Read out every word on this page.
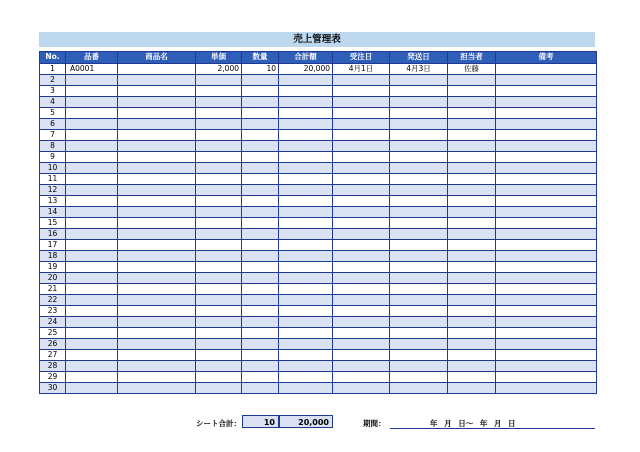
売上管理表
No.	品番	商品名	単価	数量	合計額	受注日	発送日	担当者	備考
1	A0001		2,000	10	20,000	4月1日	4月3日	佐藤	
2									
3									
4									
5									
6									
7									
8									
9									
10									
11									
12									
13									
14									
15									
16									
17									
18									
19									
20									
21									
22									
23									
24									
25									
26									
27									
28									
29									
30									
シート合計：	10	20,000	期間：	年 月 日～ 年 月 日
